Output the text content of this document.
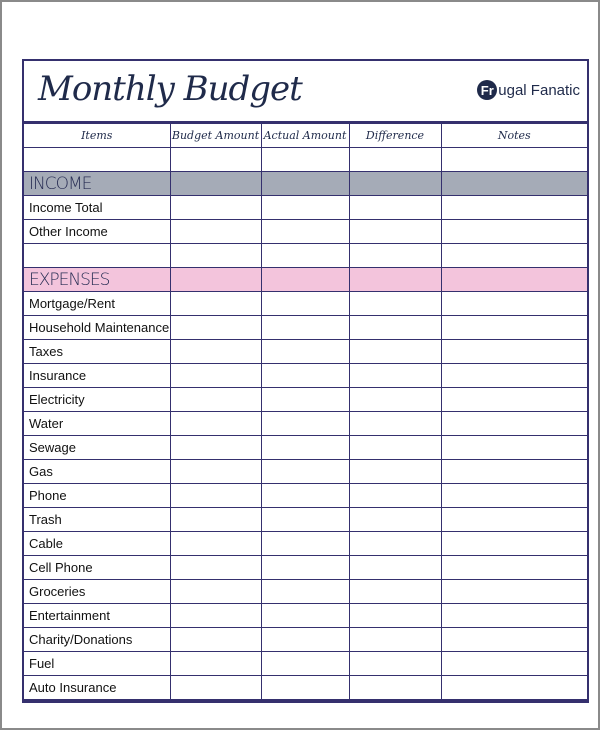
Monthly Budget	Fr ugal Fanatic
Items	Budget Amount	Actual Amount	Difference	Notes

INCOME				
Income Total				
Other Income				

EXPENSES				
Mortgage/Rent				
Household Maintenance				
Taxes				
Insurance				
Electricity				
Water				
Sewage				
Gas				
Phone				
Trash				
Cable				
Cell Phone				
Groceries				
Entertainment				
Charity/Donations				
Fuel				
Auto Insurance				
